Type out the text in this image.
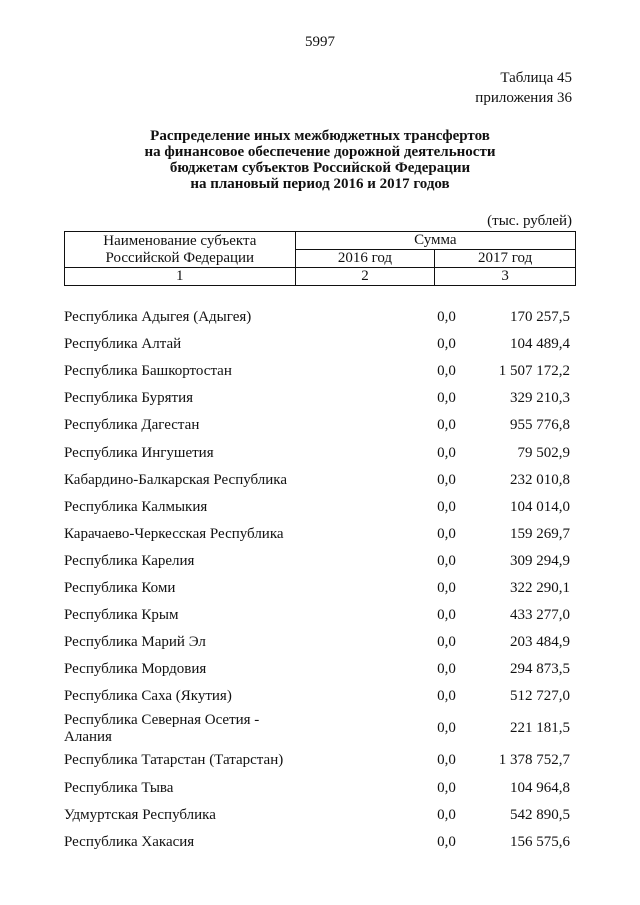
5997
Таблица 45
приложения 36
Распределение иных межбюджетных трансфертов
на финансовое обеспечение дорожной деятельности
бюджетам субъектов Российской Федерации
на плановый период 2016 и 2017 годов
(тыс. рублей)
Наименование субъекта
Российской Федерации	Сумма	
	2016 год	2017 год
1	2	3
Республика Адыгея (Адыгея)	0,0	170 257,5
Республика Алтай	0,0	104 489,4
Республика Башкортостан	0,0	1 507 172,2
Республика Бурятия	0,0	329 210,3
Республика Дагестан	0,0	955 776,8
Республика Ингушетия	0,0	79 502,9
Кабардино-Балкарская Республика	0,0	232 010,8
Республика Калмыкия	0,0	104 014,0
Карачаево-Черкесская Республика	0,0	159 269,7
Республика Карелия	0,0	309 294,9
Республика Коми	0,0	322 290,1
Республика Крым	0,0	433 277,0
Республика Марий Эл	0,0	203 484,9
Республика Мордовия	0,0	294 873,5
Республика Саха (Якутия)	0,0	512 727,0
Республика Северная Осетия -
Алания
0,0	221 181,5
Республика Татарстан (Татарстан)	0,0	1 378 752,7
Республика Тыва	0,0	104 964,8
Удмуртская Республика	0,0	542 890,5
Республика Хакасия	0,0	156 575,6
